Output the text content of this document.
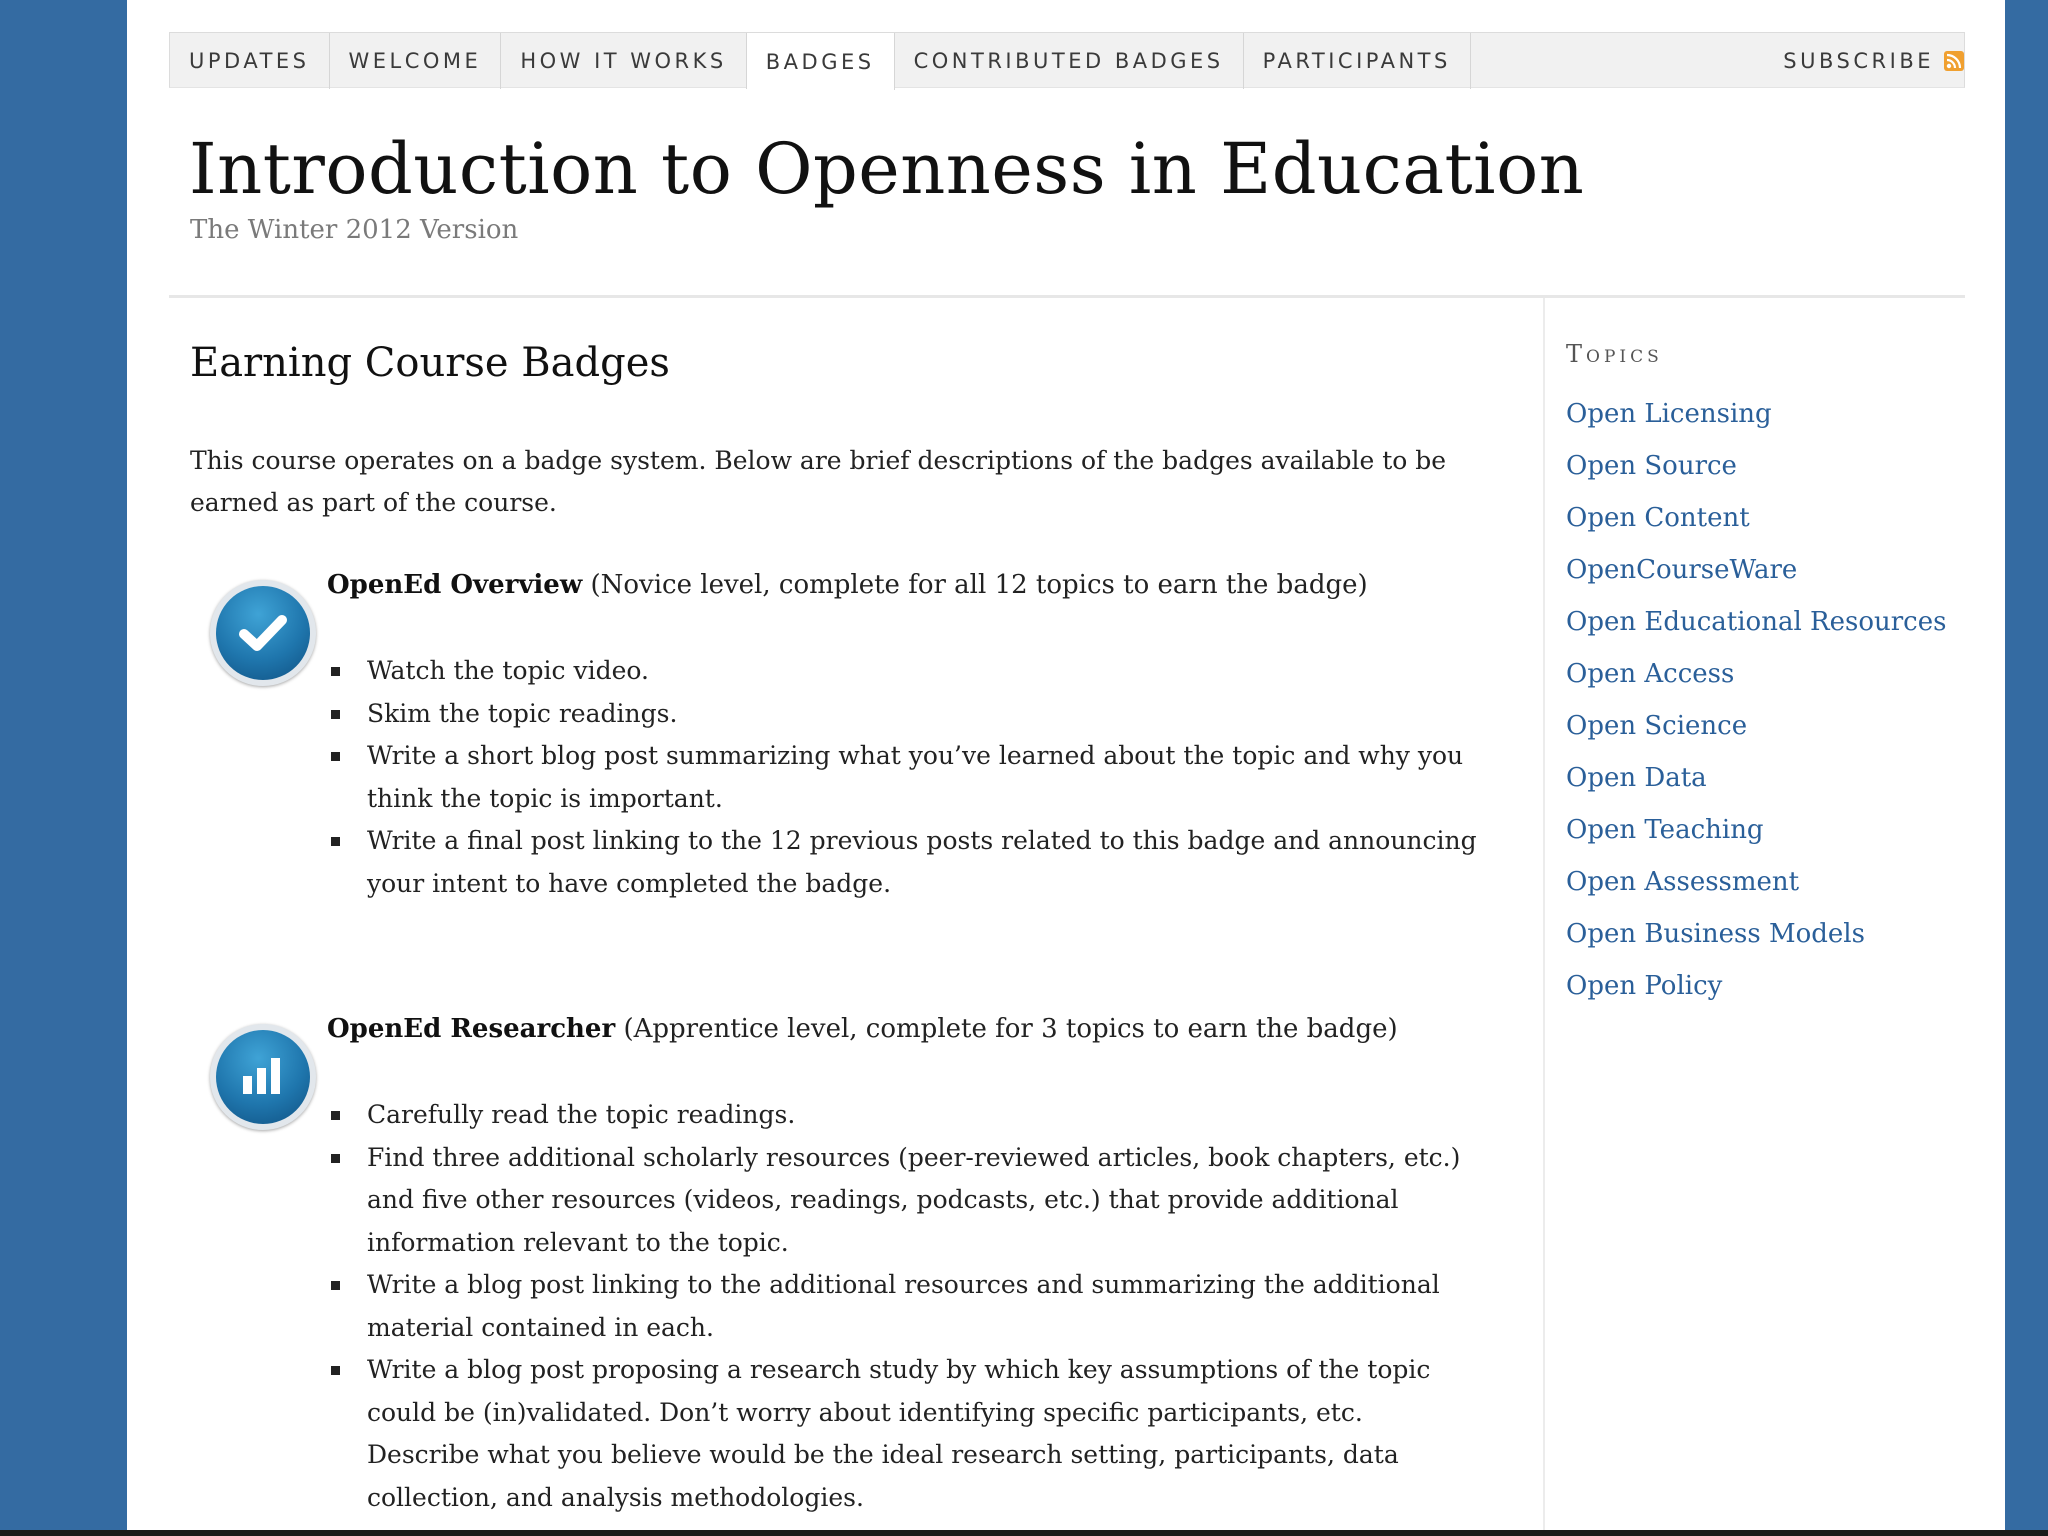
UPDATES	WELCOME	HOW IT WORKS	BADGES	CONTRIBUTED BADGES	PARTICIPANTS	SUBSCRIBE
Introduction to Openness in Education
The Winter 2012 Version
Earning Course Badges

This course operates on a badge system. Below are brief descriptions of the badges available to be earned as part of the course.

OpenEd Overview (Novice level, complete for all 12 topics to earn the badge)
Watch the topic video.
Skim the topic readings.
Write a short blog post summarizing what you’ve learned about the topic and why you think the topic is important.
Write a final post linking to the 12 previous posts related to this badge and announcing your intent to have completed the badge.
OpenEd Researcher (Apprentice level, complete for 3 topics to earn the badge)
Carefully read the topic readings.
Find three additional scholarly resources (peer-reviewed articles, book chapters, etc.) and five other resources (videos, readings, podcasts, etc.) that provide additional information relevant to the topic.
Write a blog post linking to the additional resources and summarizing the additional material contained in each.
Write a blog post proposing a research study by which key assumptions of the topic could be (in)validated. Don’t worry about identifying specific participants, etc. Describe what you believe would be the ideal research setting, participants, data collection, and analysis methodologies.
Topics
Open Licensing
Open Source
Open Content
OpenCourseWare
Open Educational Resources
Open Access
Open Science
Open Data
Open Teaching
Open Assessment
Open Business Models
Open Policy
